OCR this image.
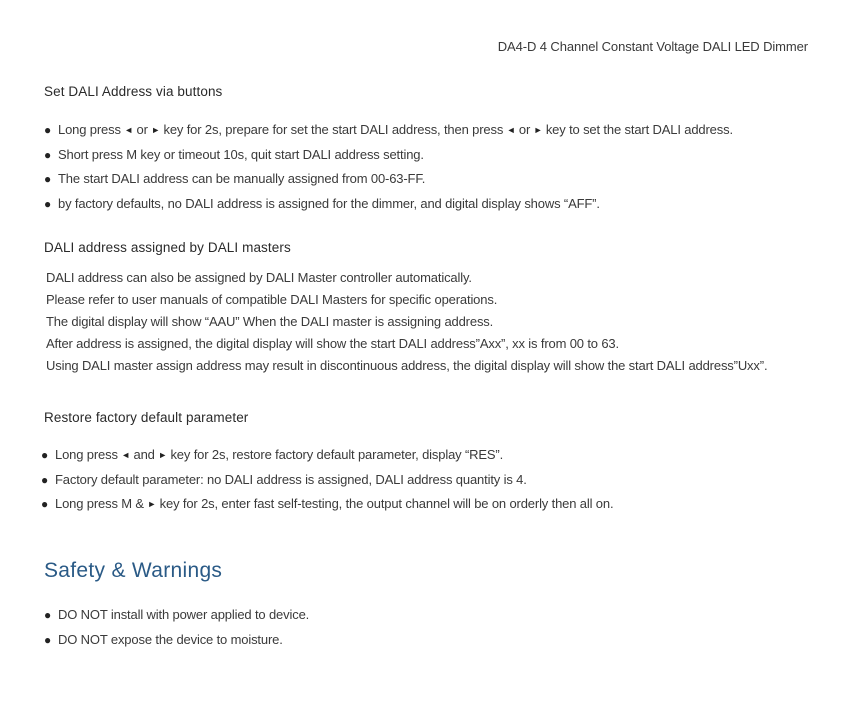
DA4-D 4 Channel Constant Voltage DALI LED Dimmer
Set DALI Address via buttons
● Long press ◄ or ► key for 2s, prepare for set the start DALI address, then press ◄ or ► key to set the start DALI address.
● Short press M key or timeout 10s, quit start DALI address setting.
● The start DALI address can be manually assigned from 00-63-FF.
● by factory defaults, no DALI address is assigned for the dimmer, and digital display shows “AFF”.
DALI address assigned by DALI masters

DALI address can also be assigned by DALI Master controller automatically.

Please refer to user manuals of compatible DALI Masters for specific operations.

The digital display will show “AAU” When the DALI master is assigning address.

After address is assigned, the digital display will show the start DALI address”Axx”, xx is from 00 to 63.

Using DALI master assign address may result in discontinuous address, the digital display will show the start DALI address”Uxx”.

Restore factory default parameter
● Long press ◄ and ► key for 2s, restore factory default parameter, display “RES”.
● Factory default parameter: no DALI address is assigned, DALI address quantity is 4.
● Long press M & ► key for 2s, enter fast self-testing, the output channel will be on orderly then all on.
Safety & Warnings
● DO NOT install with power applied to device.
● DO NOT expose the device to moisture.
